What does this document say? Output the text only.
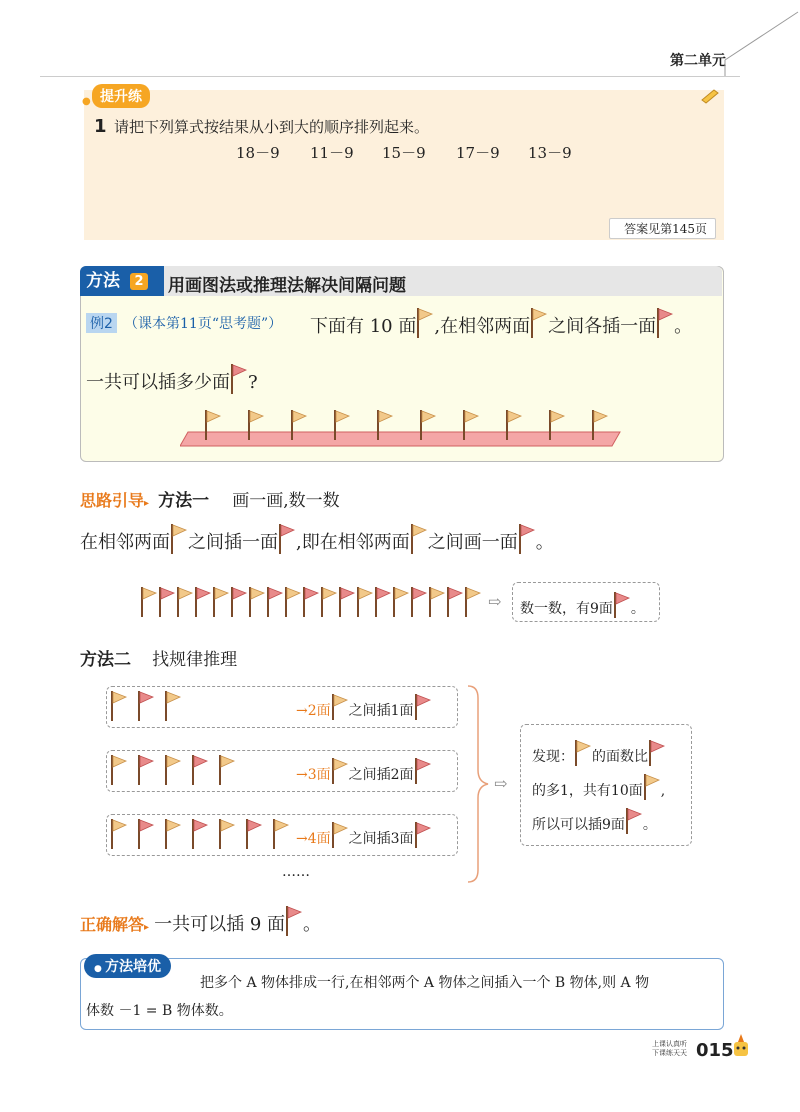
第二单元
● 提升练
1 请把下列算式按结果从小到大的顺序排列起来。
18－9 11－9 15－9 17－9 13－9
答案见第145页
方法	2 用画图法或推理法解决间隔问题
例2 （课本第11页“思考题”） 下面有 10 面 ,在相邻两面 之间各插一面 。
一共可以插多少面 ?
思路引导▸ 方法一 画一画,数一数
在相邻两面 之间插一面 ,即在相邻两面 之间画一面 。
⇨ 数一数，有9面 。
方法二 找规律推理
→2面 之间插1面
→3面 之间插2面
→4面 之间插3面
……
⇨
发现： 的面数比
的多1，共有10面 ,
所以可以插9面 。
正确解答▸ 一共可以插 9 面 。
● 方法培优
把多个 A 物体排成一行,在相邻两个 A 物体之间插入一个 B 物体,则 A 物
体数 －1 = B 物体数。
上课认真听
下课练天天 015
